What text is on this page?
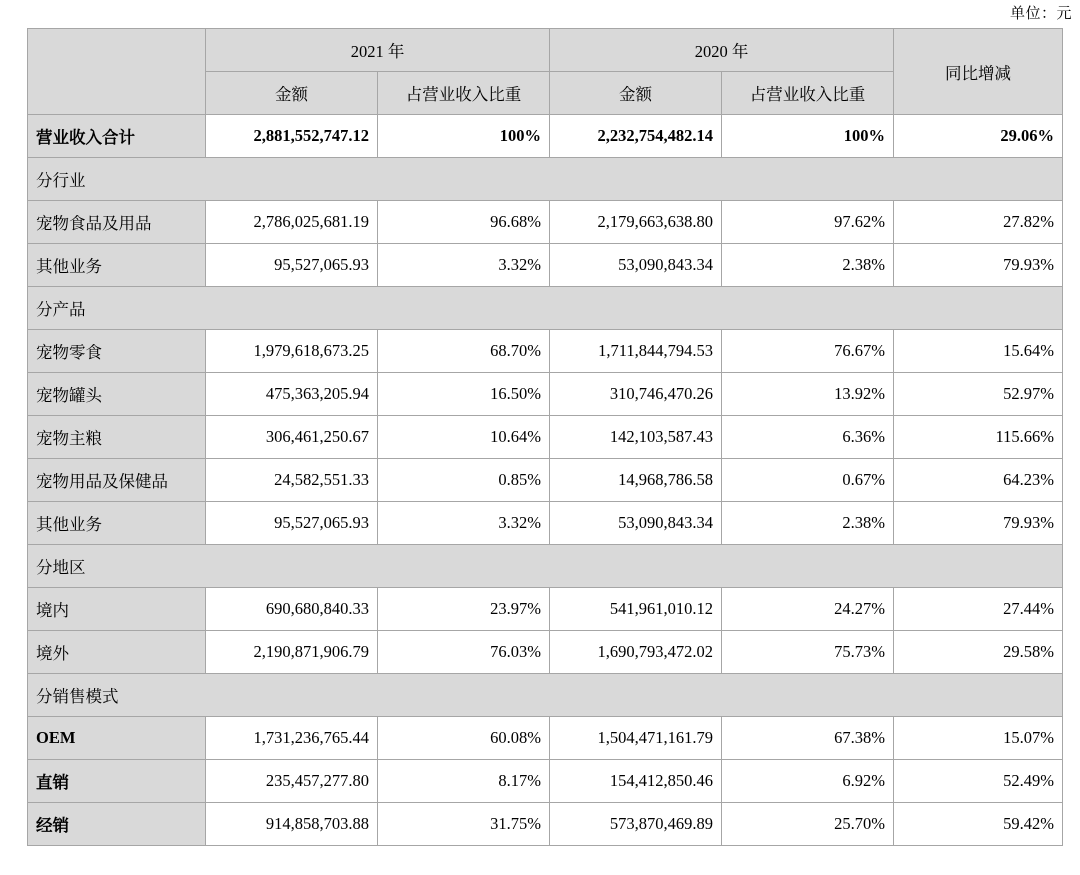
单位：元
	2021 年		2020 年		同比增减
	金额	占营业收入比重	金额	占营业收入比重	
营业收入合计	2,881,552,747.12	100%	2,232,754,482.14	100%	29.06%
分行业					
宠物食品及用品	2,786,025,681.19	96.68%	2,179,663,638.80	97.62%	27.82%
其他业务	95,527,065.93	3.32%	53,090,843.34	2.38%	79.93%
分产品					
宠物零食	1,979,618,673.25	68.70%	1,711,844,794.53	76.67%	15.64%
宠物罐头	475,363,205.94	16.50%	310,746,470.26	13.92%	52.97%
宠物主粮	306,461,250.67	10.64%	142,103,587.43	6.36%	115.66%
宠物用品及保健品	24,582,551.33	0.85%	14,968,786.58	0.67%	64.23%
其他业务	95,527,065.93	3.32%	53,090,843.34	2.38%	79.93%
分地区					
境内	690,680,840.33	23.97%	541,961,010.12	24.27%	27.44%
境外	2,190,871,906.79	76.03%	1,690,793,472.02	75.73%	29.58%
分销售模式					
OEM	1,731,236,765.44	60.08%	1,504,471,161.79	67.38%	15.07%
直销	235,457,277.80	8.17%	154,412,850.46	6.92%	52.49%
经销	914,858,703.88	31.75%	573,870,469.89	25.70%	59.42%
